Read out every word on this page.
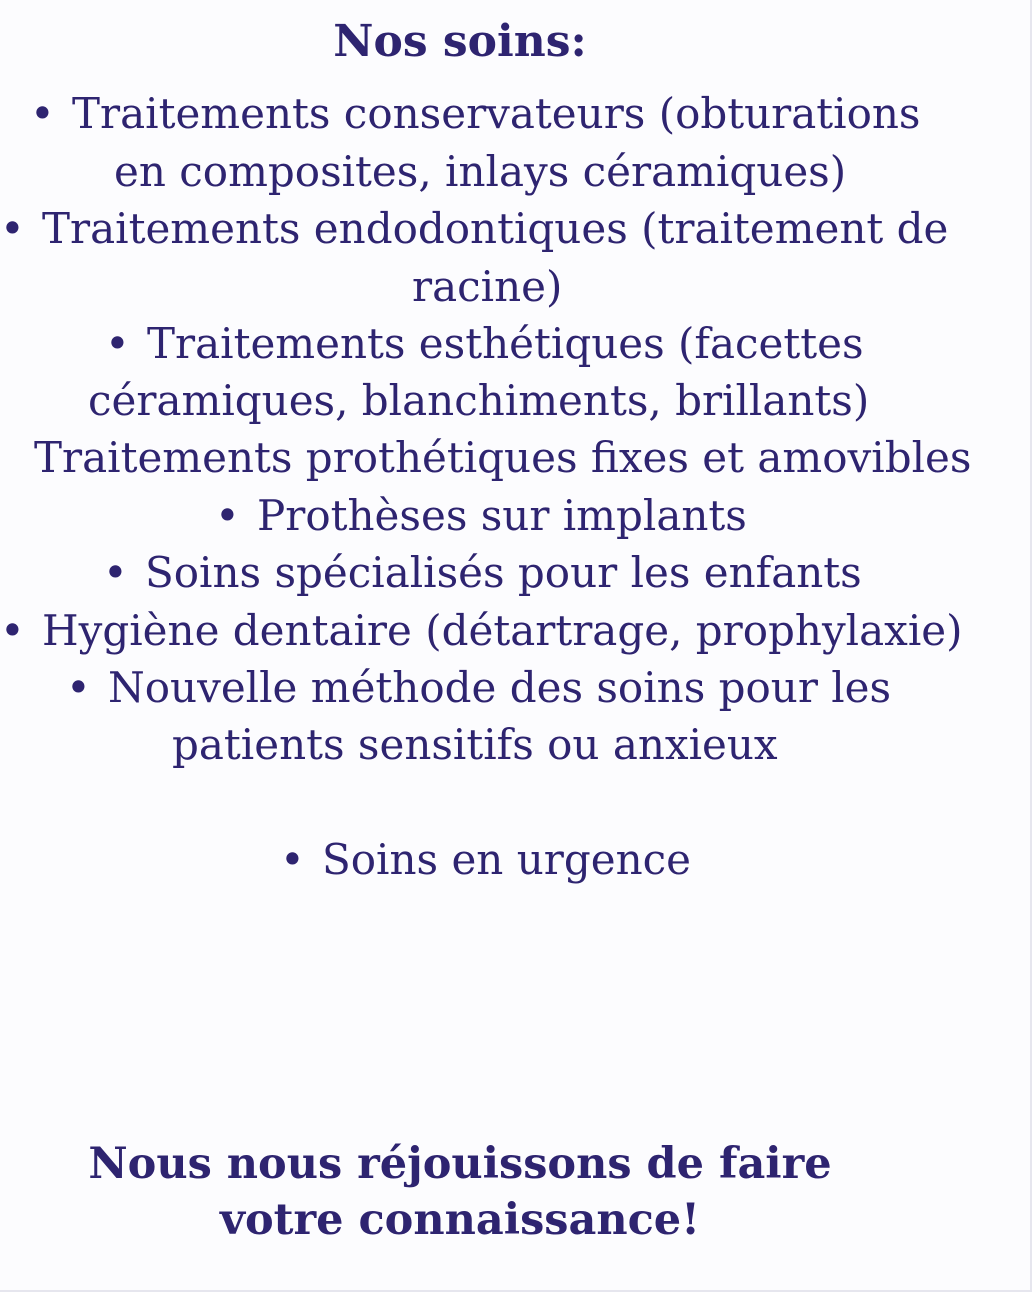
Nos soins:
• Traitements conservateurs (obturations
en composites, inlays céramiques)
• Traitements endodontiques (traitement de
racine)
• Traitements esthétiques (facettes
céramiques, blanchiments, brillants)
Traitements prothétiques fixes et amovibles
• Prothèses sur implants
• Soins spécialisés pour les enfants
• Hygiène dentaire (détartrage, prophylaxie)
• Nouvelle méthode des soins pour les
patients sensitifs ou anxieux
• Soins en urgence
Nous nous réjouissons de faire
votre connaissance!
